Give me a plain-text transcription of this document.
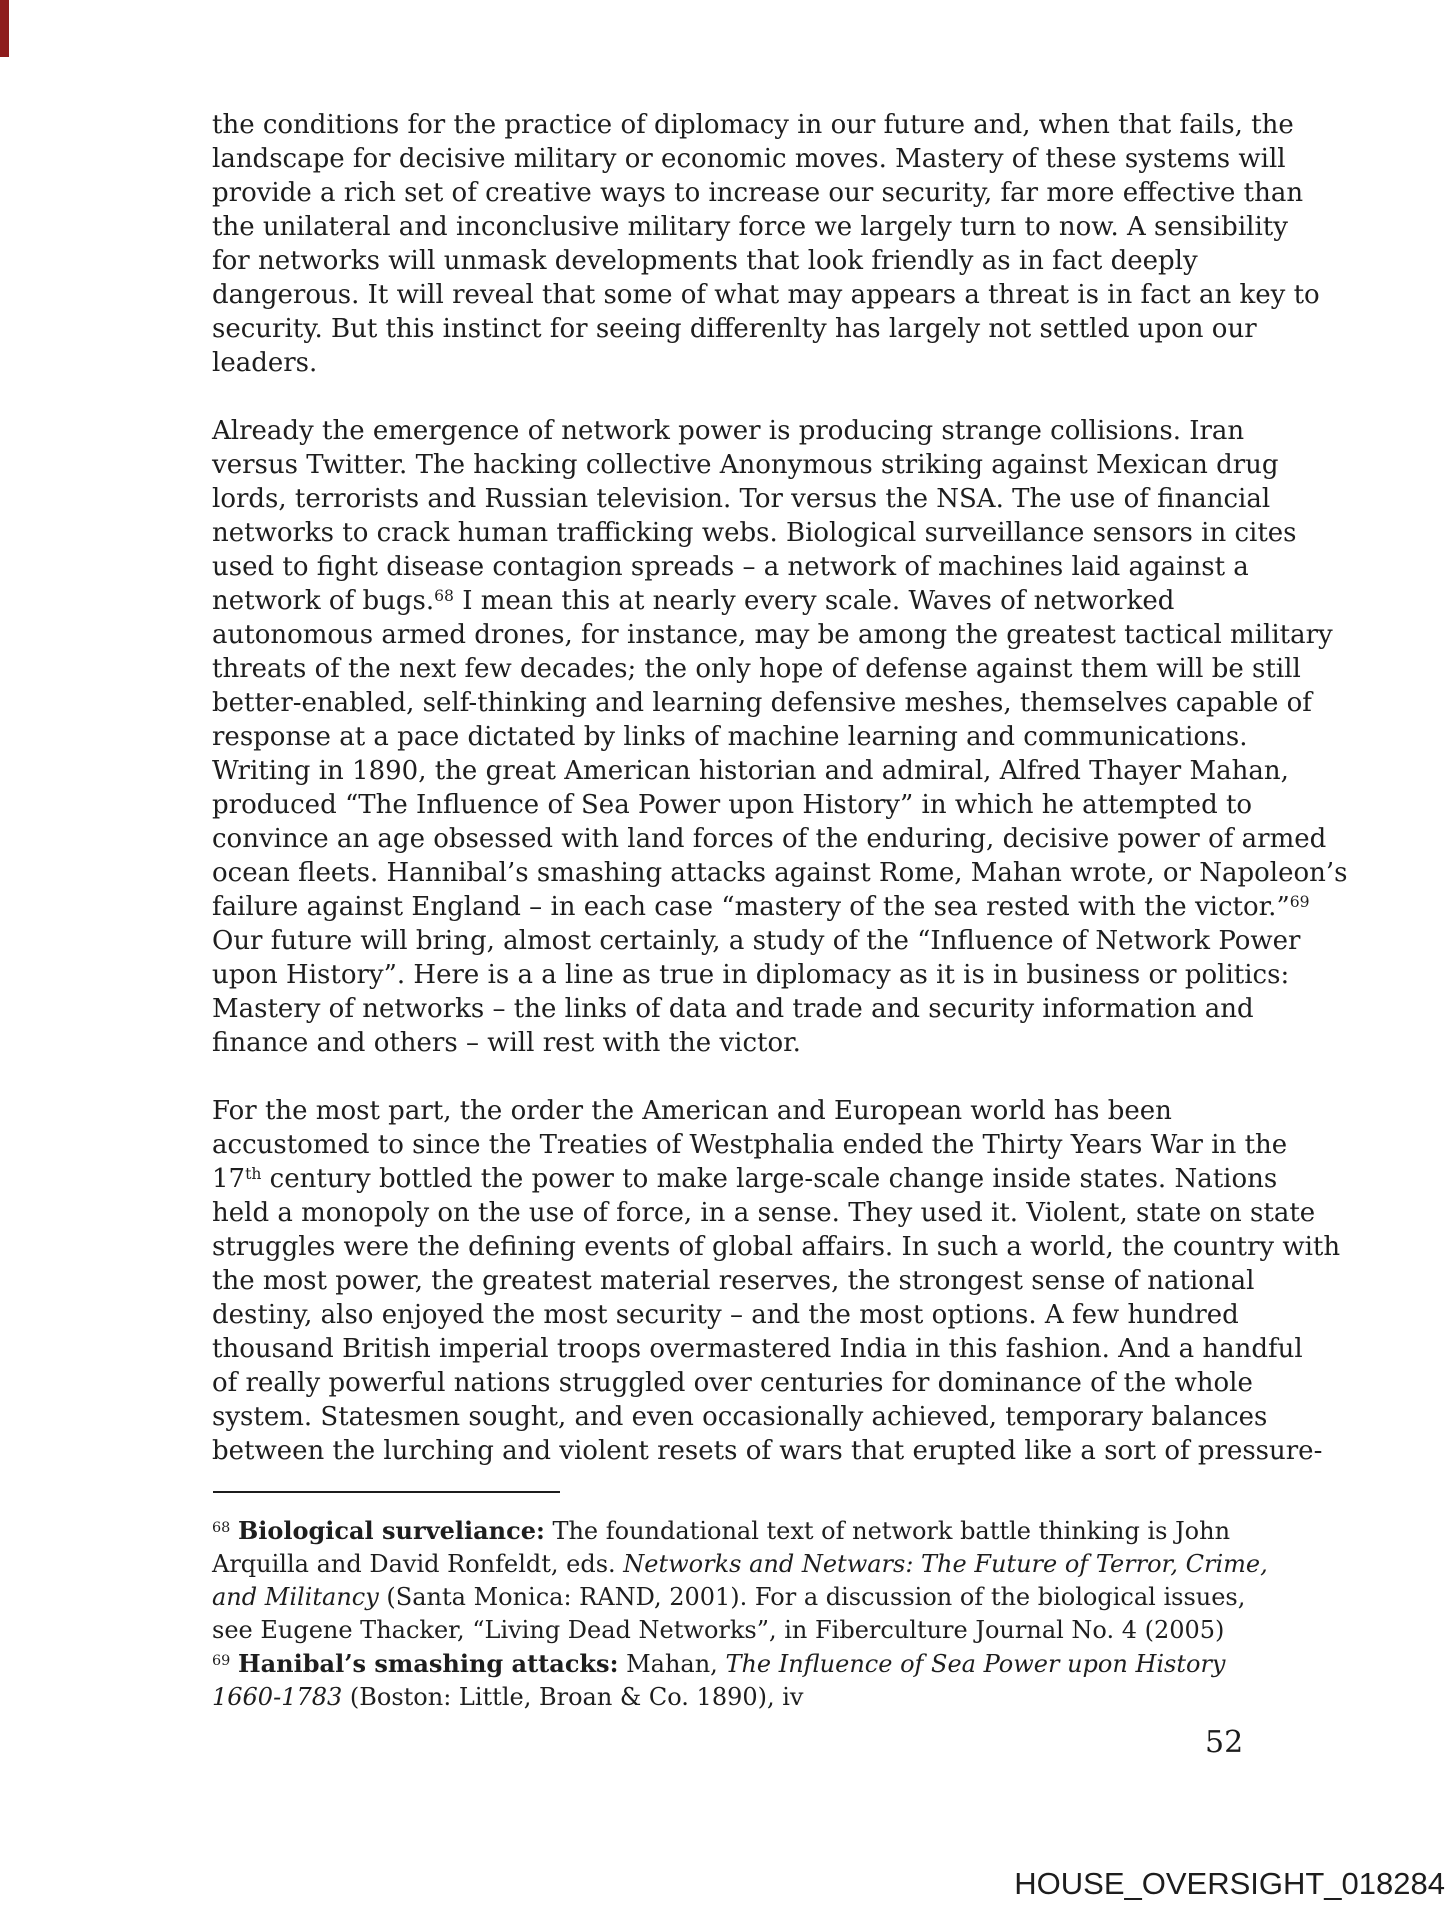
the conditions for the practice of diplomacy in our future and, when that fails, the
landscape for decisive military or economic moves. Mastery of these systems will
provide a rich set of creative ways to increase our security, far more effective than
the unilateral and inconclusive military force we largely turn to now. A sensibility
for networks will unmask developments that look friendly as in fact deeply
dangerous. It will reveal that some of what may appears a threat is in fact an key to
security. But this instinct for seeing differenlty has largely not settled upon our
leaders.

Already the emergence of network power is producing strange collisions. Iran
versus Twitter. The hacking collective Anonymous striking against Mexican drug
lords, terrorists and Russian television. Tor versus the NSA. The use of financial
networks to crack human trafficking webs. Biological surveillance sensors in cites
used to fight disease contagion spreads – a network of machines laid against a
network of bugs.$^{68}$ I mean this at nearly every scale. Waves of networked
autonomous armed drones, for instance, may be among the greatest tactical military
threats of the next few decades; the only hope of defense against them will be still
better-enabled, self-thinking and learning defensive meshes, themselves capable of
response at a pace dictated by links of machine learning and communications.
Writing in 1890, the great American historian and admiral, Alfred Thayer Mahan,
produced “The Influence of Sea Power upon History” in which he attempted to
convince an age obsessed with land forces of the enduring, decisive power of armed
ocean fleets. Hannibal’s smashing attacks against Rome, Mahan wrote, or Napoleon’s
failure against England – in each case “mastery of the sea rested with the victor.”$^{69}$
Our future will bring, almost certainly, a study of the “Influence of Network Power
upon History”. Here is a a line as true in diplomacy as it is in business or politics:
Mastery of networks – the links of data and trade and security information and
finance and others – will rest with the victor.

For the most part, the order the American and European world has been
accustomed to since the Treaties of Westphalia ended the Thirty Years War in the
17th century bottled the power to make large-scale change inside states. Nations
held a monopoly on the use of force, in a sense. They used it. Violent, state on state
struggles were the defining events of global affairs. In such a world, the country with
the most power, the greatest material reserves, the strongest sense of national
destiny, also enjoyed the most security – and the most options. A few hundred
thousand British imperial troops overmastered India in this fashion. And a handful
of really powerful nations struggled over centuries for dominance of the whole
system. Statesmen sought, and even occasionally achieved, temporary balances
between the lurching and violent resets of wars that erupted like a sort of pressure-

$^{68}$ Biological surveliance: The foundational text of network battle thinking is John
Arquilla and David Ronfeldt, eds. Networks and Netwars: The Future of Terror, Crime,
and Militancy (Santa Monica: RAND, 2001). For a discussion of the biological issues,
see Eugene Thacker, “Living Dead Networks”, in Fiberculture Journal No. 4 (2005)

$^{69}$ Hanibal’s smashing attacks: Mahan, The Influence of Sea Power upon History
1660-1783 (Boston: Little, Broan & Co. 1890), iv

52
HOUSE_OVERSIGHT_018284
